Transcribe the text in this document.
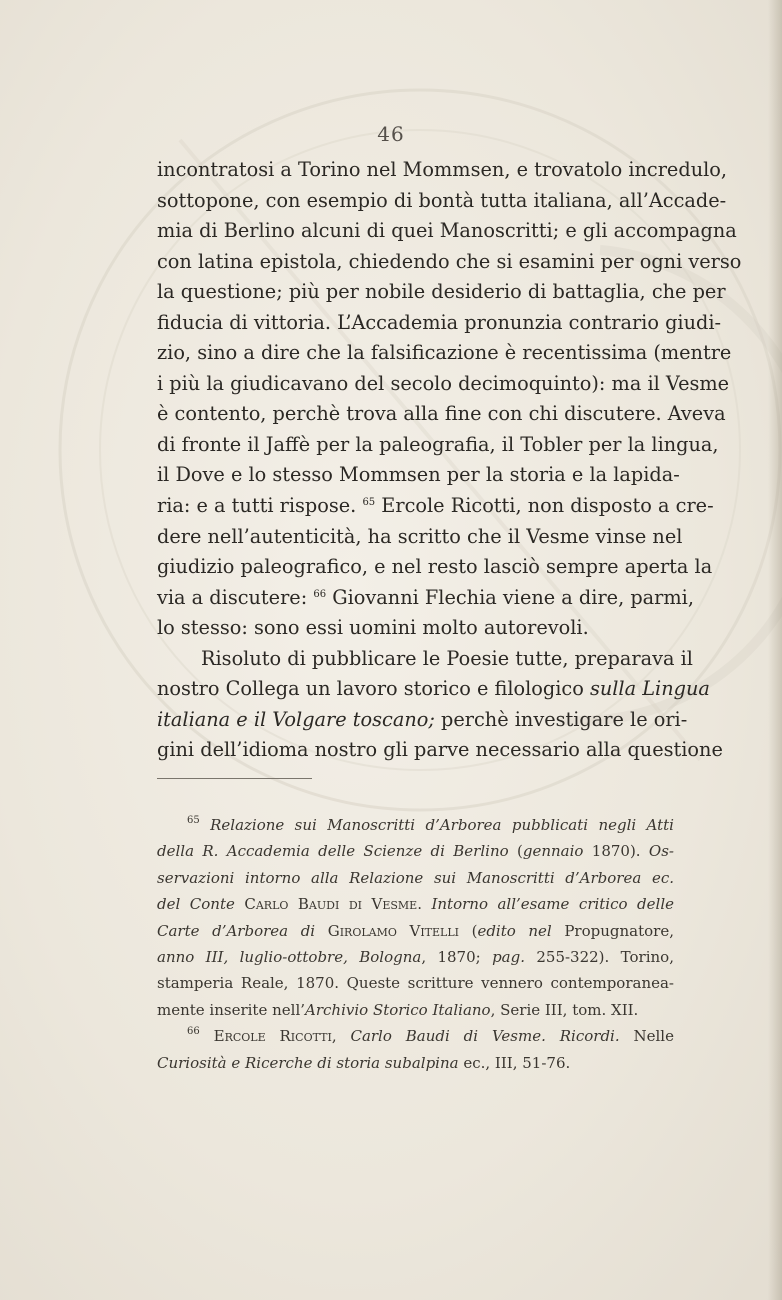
46
incontratosi a Torino nel Mommsen, e trovatolo incredulo,
sottopone, con esempio di bontà tutta italiana, all’Accade-
mia di Berlino alcuni di quei Manoscritti; e gli accompagna
con latina epistola, chiedendo che si esamini per ogni verso
la questione; più per nobile desiderio di battaglia, che per
fiducia di vittoria. L’Accademia pronunzia contrario giudi-
zio, sino a dire che la falsificazione è recentissima (mentre
i più la giudicavano del secolo decimoquinto): ma il Vesme
è contento, perchè trova alla fine con chi discutere. Aveva
di fronte il Jaffè per la paleografia, il Tobler per la lingua,
il Dove e lo stesso Mommsen per la storia e la lapida-
ria: e a tutti rispose. $^{65}$ Ercole Ricotti, non disposto a cre-
dere nell’autenticità, ha scritto che il Vesme vinse nel
giudizio paleografico, e nel resto lasciò sempre aperta la
via a discutere: $^{66}$ Giovanni Flechia viene a dire, parmi,
lo stesso: sono essi uomini molto autorevoli.
Risoluto di pubblicare le Poesie tutte, preparava il
nostro Collega un lavoro storico e filologico sulla Lingua
italiana e il Volgare toscano; perchè investigare le ori-
gini dell’idioma nostro gli parve necessario alla questione
$^{65}$ Relazione sui Manoscritti d’Arborea pubblicati negli Atti
della R. Accademia delle Scienze di Berlino (gennaio 1870). Os-
servazioni intorno alla Relazione sui Manoscritti d’Arborea ec.
del Conte Carlo Baudi di Vesme. Intorno all’esame critico delle
Carte d’Arborea di Girolamo Vitelli (edito nel Propugnatore,
anno III, luglio-ottobre, Bologna, 1870; pag. 255-322). Torino,
stamperia Reale, 1870. Queste scritture vennero contemporanea-
mente inserite nell’Archivio Storico Italiano, Serie III, tom. XII.
$^{66}$ Ercole Ricotti, Carlo Baudi di Vesme. Ricordi. Nelle
Curiosità e Ricerche di storia subalpina ec., III, 51-76.
